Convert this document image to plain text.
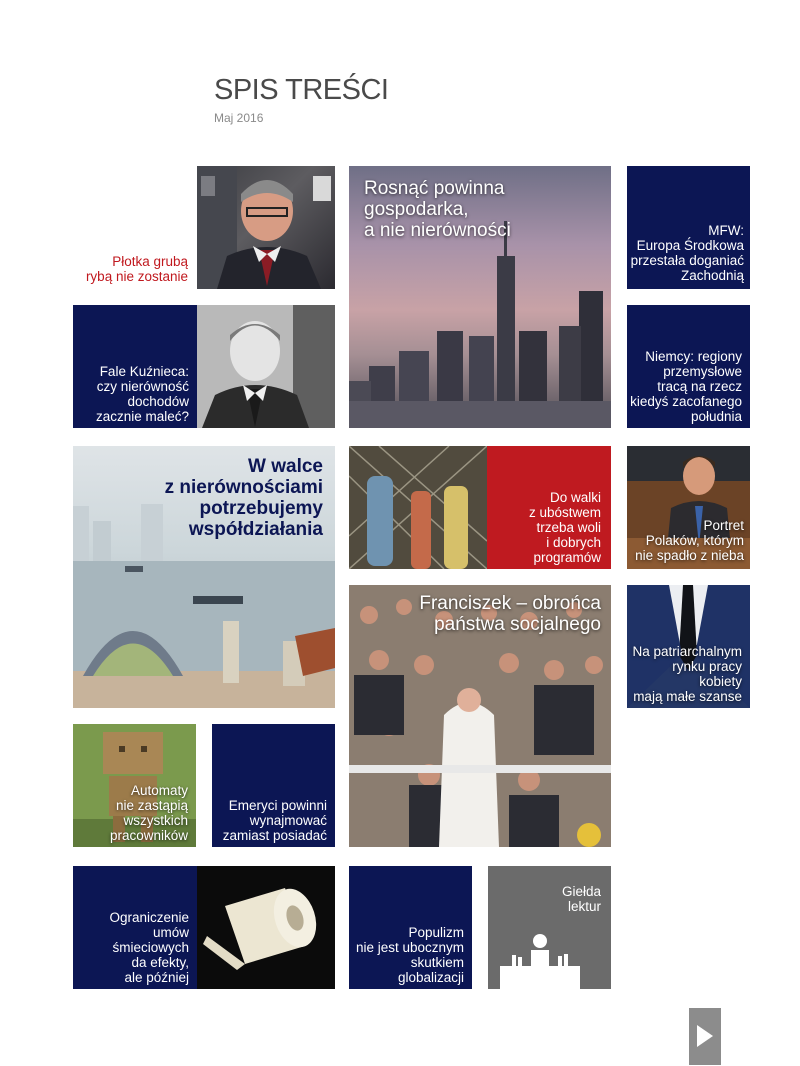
SPIS TREŚCI
Maj 2016
Płotka grubą
rybą nie zostanie
Rosnąć powinna
gospodarka,
a nie nierówności	MFW:
Europa Środkowa
przestała doganiać
Zachodnią
Fale Kuźnieca:
czy nierówność
dochodów
zacznie maleć?
Niemcy: regiony
przemysłowe
tracą na rzecz
kiedyś zacofanego
południa
W walce
z nierównościami
potrzebujemy
współdziałania
Do walki
z ubóstwem
trzeba woli
i dobrych
programów
Portret
Polaków, którym
nie spadło z nieba
Franciszek – obrońca
państwa socjalnego
Na patriarchalnym
rynku pracy kobiety
mają małe szanse
Automaty
nie zastąpią
wszystkich
pracowników
Emeryci powinni
wynajmować
zamiast posiadać
Ograniczenie
umów
śmieciowych
da efekty,
ale później
Populizm
nie jest ubocznym
skutkiem
globalizacji
Giełda
lektur
